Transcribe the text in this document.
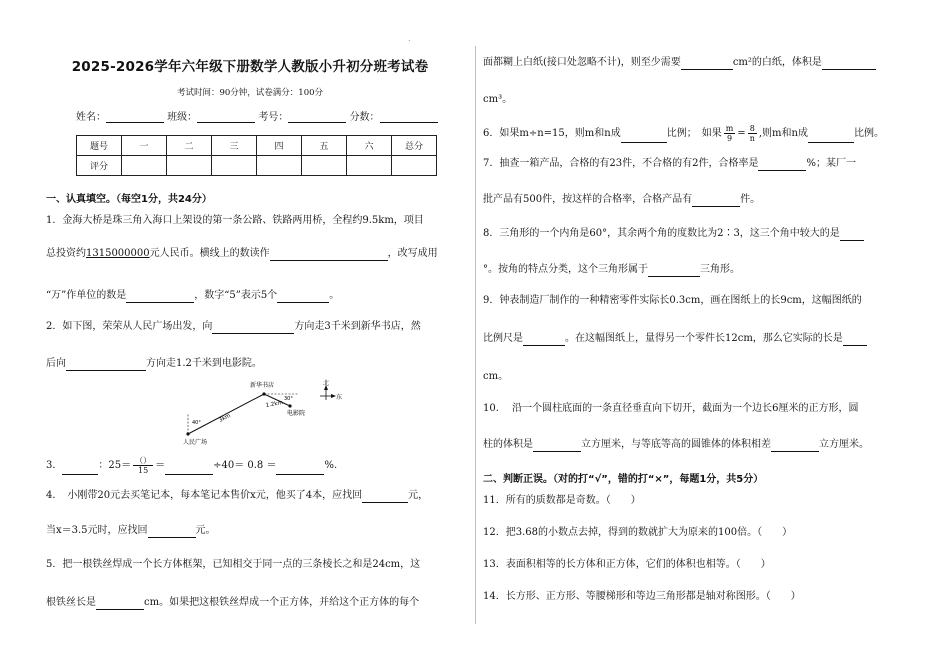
.
2025-2026学年六年级下册数学人教版小升初分班考试卷
考试时间：90分钟，试卷满分：100分
姓名：	班级：	考号：	分数：
题号	一	二	三	四	五	六	总分
评分							
一、认真填空。（每空1分，共24分）
1．金海大桥是珠三角入海口上架设的第一条公路、铁路两用桥，全程约9.5km，项目
总投资约1315000000元人民币。横线上的数读作	，改写成用
“万”作单位的数是	，数字“5”表示5个	。
2．如下图，荣荣从人民广场出发，向	方向走3千米到新华书店，然
后向	方向走1.2千米到电影院。
北
东
新华书店
人民广场
电影院
40°
30°
3km
1.2km
3．	：$25= \frac{()}{15}$ ＝	÷40＝ 0.8 ＝	%.
4．　小刚带20元去买笔记本，每本笔记本售价x元，他买了4本，应找回	元，
当x＝3.5元时，应找回	元。
5．把一根铁丝焊成一个长方体框架，已知相交于同一点的三条棱长之和是24cm，这
根铁丝长是	cm。如果把这根铁丝焊成一个正方体，并给这个正方体的每个
面都糊上白纸(接口处忽略不计)，则至少需要	cm²的白纸，体积是
cm³。
6．如果m÷n=15，则m和n成	比例；　如果 $\frac{m}{9} = \frac{8}{n}$ ,则m和n成	比例。
7．抽查一箱产品，合格的有23件，不合格的有2件，合格率是	%；某厂一
批产品有500件，按这样的合格率，合格产品有	件。
8．三角形的一个内角是60°，其余两个角的度数比为2∶3，这三个角中较大的是
°。按角的特点分类，这个三角形属于	三角形。
9．钟表制造厂制作的一种精密零件实际长0.3cm，画在图纸上的长9cm，这幅图纸的
比例尺是	。在这幅图纸上，量得另一个零件长12cm，那么它实际的长是
cm。
10.　 沿一个圆柱底面的一条直径垂直向下切开，截面为一个边长6厘米的正方形，圆
柱的体积是	立方厘米，与等底等高的圆锥体的体积相差	立方厘米。
二、判断正误。（对的打“√”，错的打“×”，每题1分，共5分）
11．所有的质数都是奇数。（　　）
12．把3.68的小数点去掉，得到的数就扩大为原来的100倍。（　　）
13．表面积相等的长方体和正方体，它们的体积也相等。（　　）
14．长方形、正方形、等腰梯形和等边三角形都是轴对称图形。（　　）
